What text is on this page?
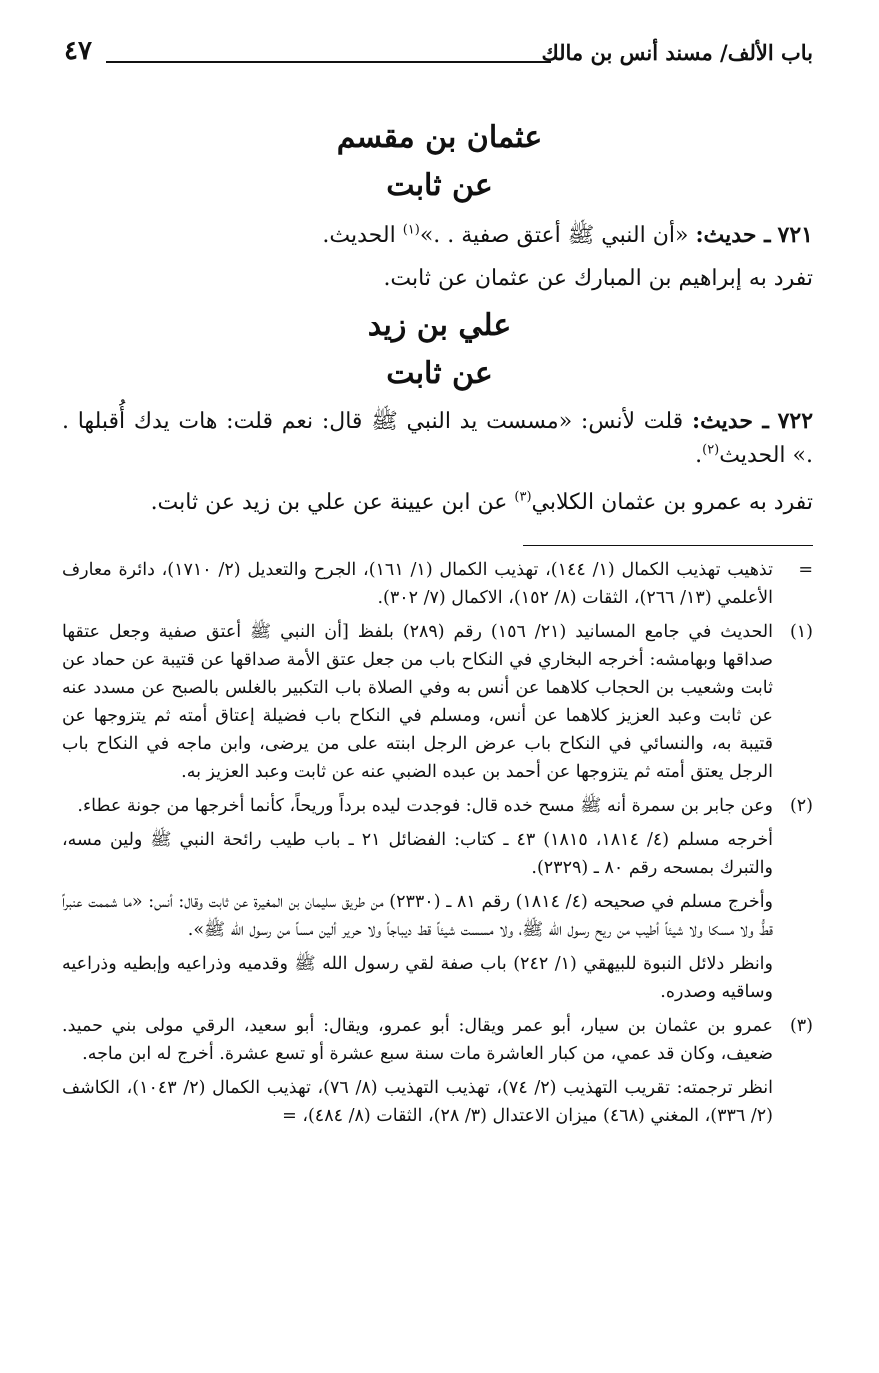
باب الألف/ مسند أنس بن مالك
٤٧
عثمان بن مقسم
عن ثابت
٧٢١ ـ حديث: «أن النبي ﷺ أعتق صفية . .»$^{(١)}$ الحديث.
تفرد به إبراهيم بن المبارك عن عثمان عن ثابت.
علي بن زيد
عن ثابت
٧٢٢ ـ حديث: قلت لأنس: «مسست يد النبي ﷺ قال: نعم قلت: هات يدك أُقبلها . .» الحديث$^{(٢)}$.
تفرد به عمرو بن عثمان الكلابي$^{(٣)}$ عن ابن عيينة عن علي بن زيد عن ثابت.
=

تذهيب تهذيب الكمال (١/ ١٤٤)، تهذيب الكمال (١/ ١٦١)، الجرح والتعديل (٢/ ١٧١٠)، دائرة معارف الأعلمي (١٣/ ٢٦٦)، الثقات (٨/ ١٥٢)، الاكمال (٧/ ٣٠٢).

(١)

الحديث في جامع المسانيد (٢١/ ١٥٦) رقم (٢٨٩) بلفظ [أن النبي ﷺ أعتق صفية وجعل عتقها صداقها وبهامشه: أخرجه البخاري في النكاح باب من جعل عتق الأمة صداقها عن قتيبة عن حماد عن ثابت وشعيب بن الحجاب كلاهما عن أنس به وفي الصلاة باب التكبير بالغلس بالصبح عن مسدد عنه عن ثابت وعبد العزيز كلاهما عن أنس، ومسلم في النكاح باب فضيلة إعتاق أمته ثم يتزوجها عن قتيبة به، والنسائي في النكاح باب عرض الرجل ابنته على من يرضى، وابن ماجه في النكاح باب الرجل يعتق أمته ثم يتزوجها عن أحمد بن عبده الضبي عنه عن ثابت وعبد العزيز به.

(٢)

وعن جابر بن سمرة أنه ﷺ مسح خده قال: فوجدت ليده برداً وريحاً، كأنما أخرجها من جونة عطاء.

أخرجه مسلم (٤/ ١٨١٤، ١٨١٥) ٤٣ ـ كتاب: الفضائل ٢١ ـ باب طيب رائحة النبي ﷺ ولين مسه، والتبرك بمسحه رقم ٨٠ ـ (٢٣٢٩).

وأخرج مسلم في صحيحه (٤/ ١٨١٤) رقم ٨١ ـ (٢٣٣٠) من طريق سليمان بن المغيرة عن ثابت وقال: أنس: «ما شممت عنبراً قطُّ ولا مسكا ولا شيئاً أطيب من ريح رسول الله ﷺ، ولا مسست شيئاً قط ديباجاً ولا حرير ألين مساً من رسول الله ﷺ».

وانظر دلائل النبوة للبيهقي (١/ ٢٤٢) باب صفة لقي رسول الله ﷺ وقدميه وذراعيه وإبطيه وذراعيه وساقيه وصدره.

(٣)

عمرو بن عثمان بن سيار، أبو عمر ويقال: أبو عمرو، ويقال: أبو سعيد، الرقي مولى بني حميد. ضعيف، وكان قد عمي، من كبار العاشرة مات سنة سبع عشرة أو تسع عشرة. أخرج له ابن ماجه.

انظر ترجمته: تقريب التهذيب (٢/ ٧٤)، تهذيب التهذيب (٨/ ٧٦)، تهذيب الكمال (٢/ ١٠٤٣)، الكاشف (٢/ ٣٣٦)، المغني (٤٦٨) ميزان الاعتدال (٣/ ٢٨)، الثقات (٨/ ٤٨٤)، =
